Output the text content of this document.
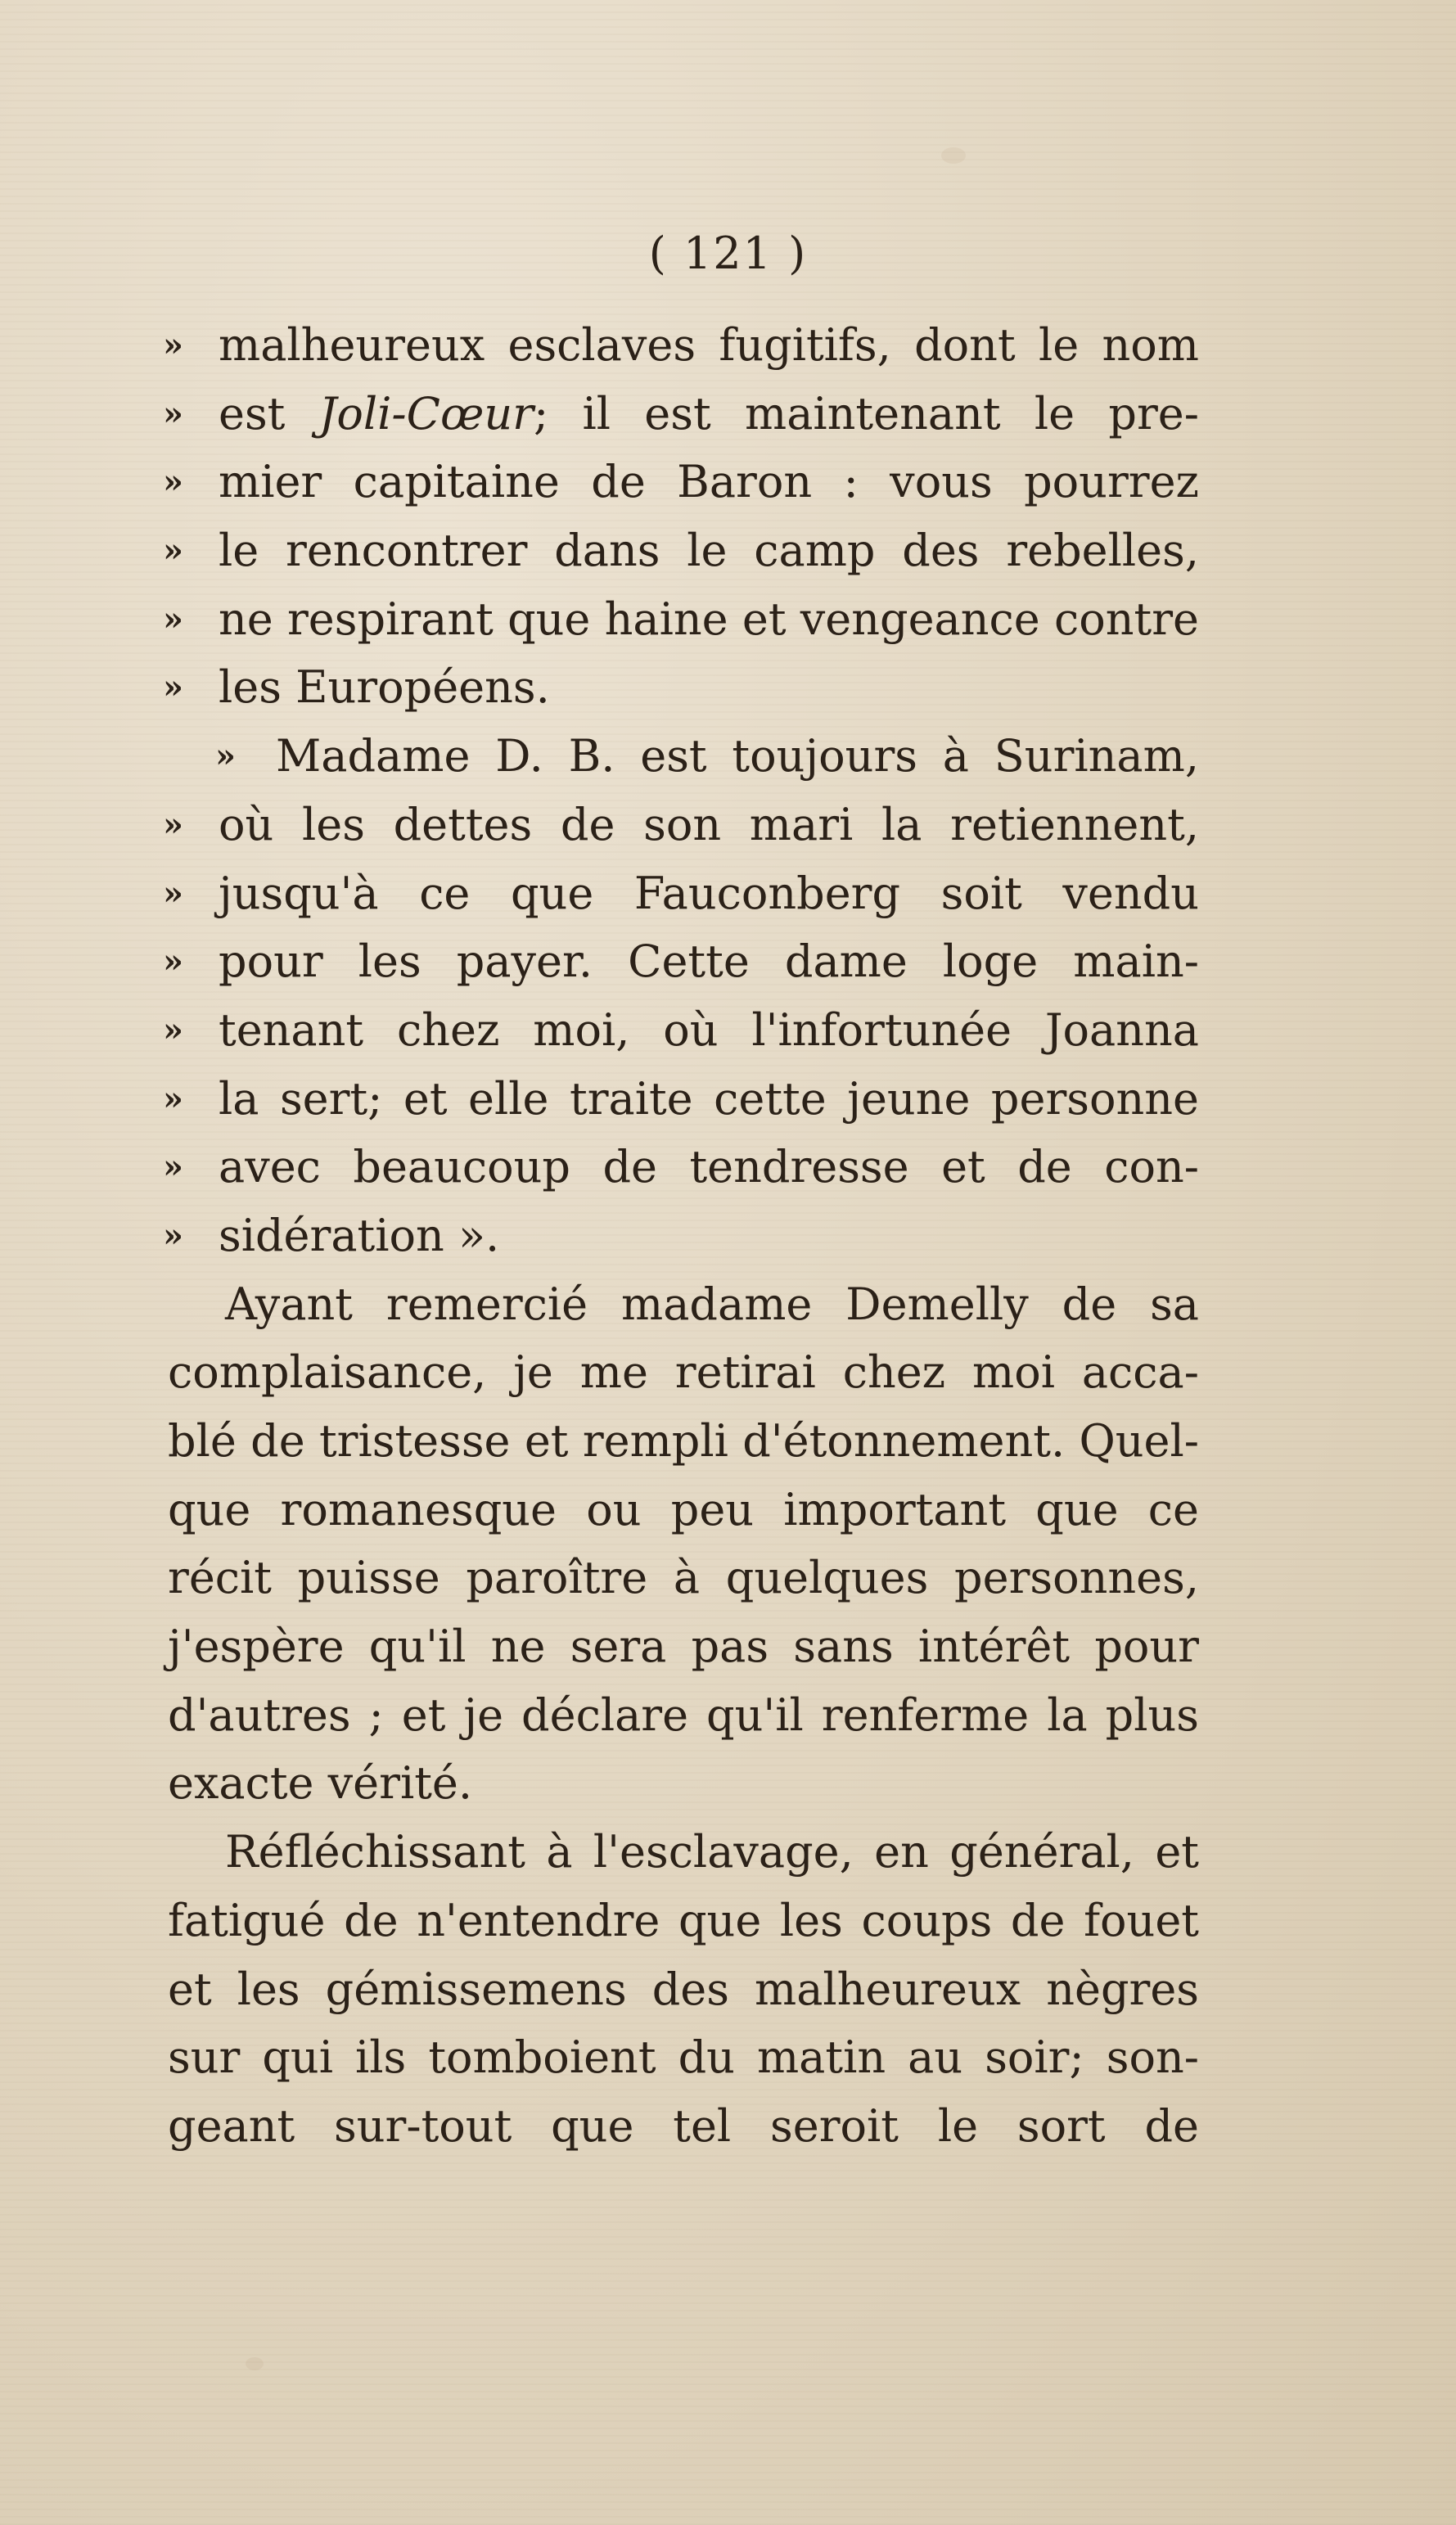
( 121 )
» malheureux esclaves fugitifs, dont le nom
» est Joli-Cœur; il est maintenant le pre-
» mier capitaine de Baron : vous pourrez
» le rencontrer dans le camp des rebelles,
» ne respirant que haine et vengeance contre
» les Européens.
» Madame D. B. est toujours à Surinam,
» où les dettes de son mari la retiennent,
» jusqu'à ce que Fauconberg soit vendu
» pour les payer. Cette dame loge main-
» tenant chez moi, où l'infortunée Joanna
» la sert; et elle traite cette jeune personne
» avec beaucoup de tendresse et de con-
» sidération ».
Ayant remercié madame Demelly de sa
complaisance, je me retirai chez moi acca-
blé de tristesse et rempli d'étonnement. Quel-
que romanesque ou peu important que ce
récit puisse paroître à quelques personnes,
j'espère qu'il ne sera pas sans intérêt pour
d'autres ; et je déclare qu'il renferme la plus
exacte vérité.
Réfléchissant à l'esclavage, en général, et
fatigué de n'entendre que les coups de fouet
et les gémissemens des malheureux nègres
sur qui ils tomboient du matin au soir; son-
geant sur-tout que tel seroit le sort de
